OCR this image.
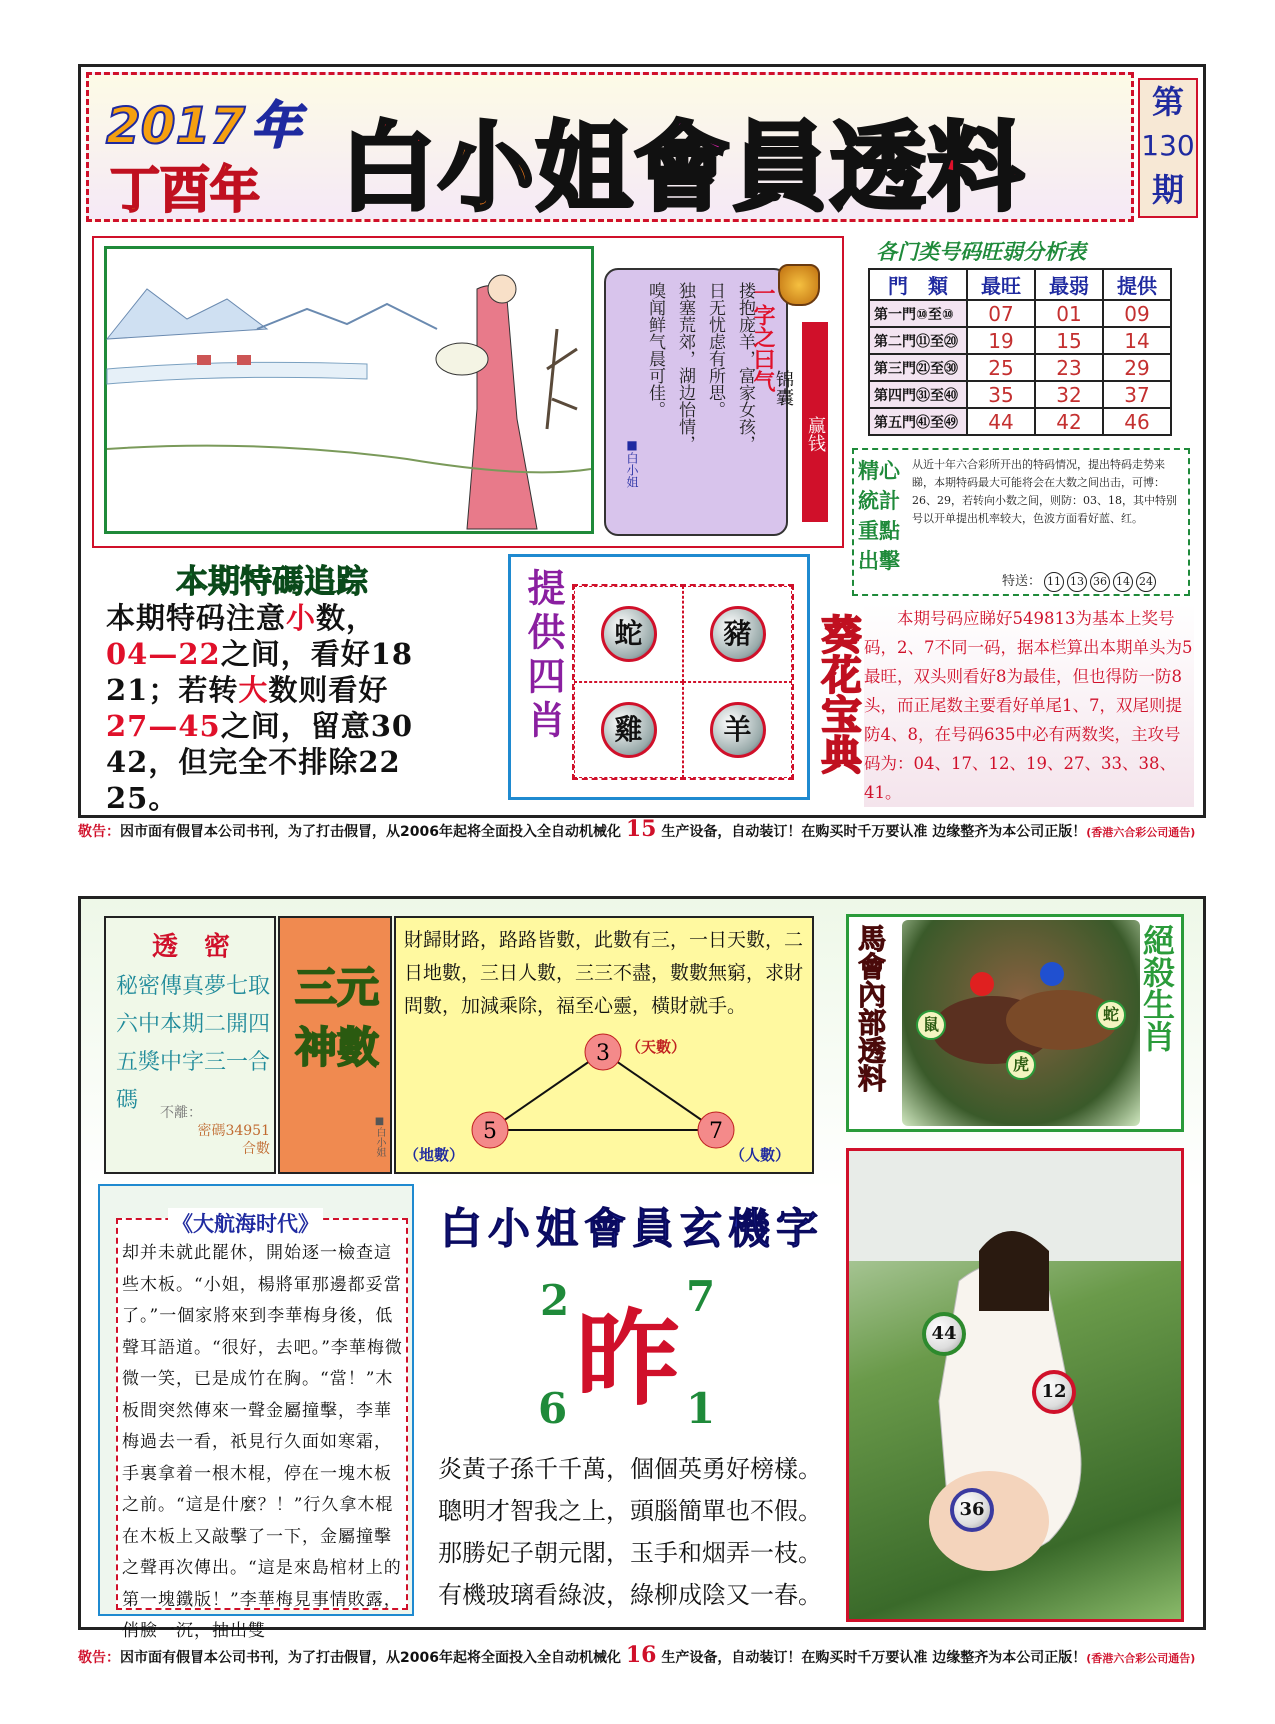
2017 年
丁酉年 白小姐會員透料
第
130
期
一字之曰气
搂抱庞羊，富家女孩，
日无忧虑有所思。
独塞荒郊，湖边怡情，
嗅闻鲜气晨可佳。
■白小姐
锦囊
赢钱
各门类号码旺弱分析表
門　類	最旺	最弱	提供
第一門⑩至⑩	07	01	09
第二門⑪至⑳	19	15	14
第三門㉑至㉚	25	23	29
第四門㉛至㊵	35	32	37
第五門㊶至㊾	44	42	46
精心統計重點出擊
从近十年六合彩所开出的特码情况，提出特码走势来睇，本期特码最大可能将会在大数之间出击，可博：26、29，若转向小数之间，则防：03、18，其中特别号以开单提出机率较大，色波方面看好蓝、红。
特送： 11 13 36 14 24
本期特碼追踪
本期特码注意小数，
04—22之间，看好18
21；若转大数则看好
27—45之间，留意30
42，但完全不排除22
25。
提供四肖	蛇	豬
雞	羊	葵花宝典	本期号码应睇好549813为基本上奖号码，2、7不同一码，据本栏算出本期单头为5最旺，双头则看好8为最佳，但也得防一防8头，而正尾数主要看好单尾1、7，双尾则提防4、8，在号码635中必有两数奖，主攻号码为：04、17、12、19、27、33、38、41。
敬告：因市面有假冒本公司书刊，为了打击假冒，从2006年起将全面投入全自动机械化 15 生产设备，自动装订！在购买时千万要认准 边缘整齐为本公司正版！(香港六合彩公司通告)
透　密
秘密傳真夢七取
六中本期二開四
五獎中字三一合
碼	不離：
密碼34951
合數
三元神數
■白小姐
財歸財路，路路皆數，此數有三，一日天數，二日地數，三日人數，三三不盡，數數無窮，求財問數，加減乘除，福至心靈，橫財就手。
3
5	7
（天數）
（地數）	（人數）
馬會內部透料	絕殺生肖
鼠
虎
蛇
《大航海时代》
却并未就此罷休，開始逐一檢查這些木板。“小姐，楊將軍那邊都妥當了。”一個家將來到李華梅身後，低聲耳語道。“很好，去吧。”李華梅微微一笑，已是成竹在胸。“當！”木板間突然傳來一聲金屬撞擊，李華梅過去一看，祇見行久面如寒霜，手裏拿着一根木棍，停在一塊木板之前。“這是什麼？！”行久拿木棍在木板上又敲擊了一下，金屬撞擊之聲再次傳出。“這是來島棺材上的第一塊鐵版！”李華梅見事情敗露，俏臉一沉，抽出雙
白小姐會員玄機字
2	7
昨
6	1
炎黃子孫千千萬，個個英勇好榜樣。
聰明才智我之上，頭腦簡單也不假。
那勝妃子朝元閣，玉手和烟弄一枝。
有機玻璃看綠波，綠柳成陰又一春。
44
12
36
敬告：因市面有假冒本公司书刊，为了打击假冒，从2006年起将全面投入全自动机械化 16 生产设备，自动装订！在购买时千万要认准 边缘整齐为本公司正版！(香港六合彩公司通告)
